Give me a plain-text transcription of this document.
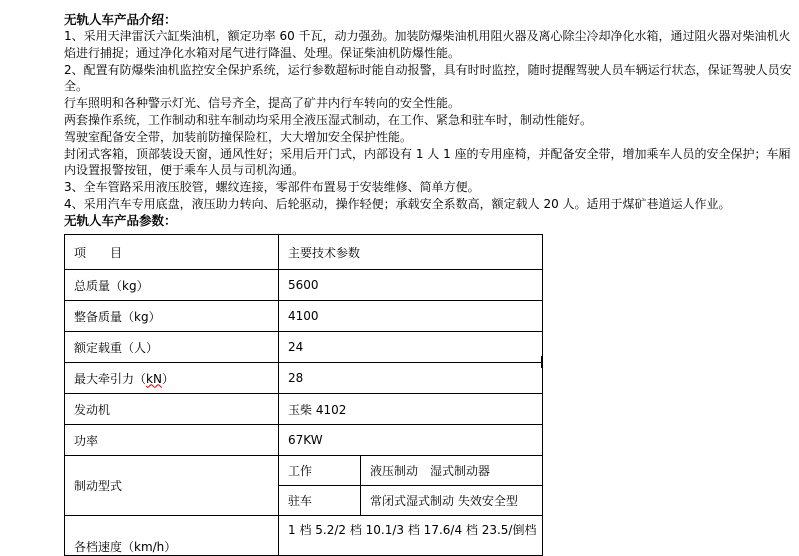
无轨人车产品介绍：
1、采用天津雷沃六缸柴油机，额定功率 60 千瓦，动力强劲。加装防爆柴油机用阻火器及离心除尘冷却净化水箱，通过阻火器对柴油机火焰进行捕捉；通过净化水箱对尾气进行降温、处理。保证柴油机防爆性能。
2、配置有防爆柴油机监控安全保护系统，运行参数超标时能自动报警，具有时时监控，随时提醒驾驶人员车辆运行状态，保证驾驶人员安全。
行车照明和各种警示灯光、信号齐全，提高了矿井内行车转向的安全性能。
两套操作系统，工作制动和驻车制动均采用全液压湿式制动，在工作、紧急和驻车时，制动性能好。
驾驶室配备安全带，加装前防撞保险杠，大大增加安全保护性能。
封闭式客箱，顶部装设天窗，通风性好；采用后开门式，内部设有 1 人 1 座的专用座椅，并配备安全带，增加乘车人员的安全保护；车厢内设置报警按钮，便于乘车人员与司机沟通。
3、全车管路采用液压胶管，螺纹连接，零部件布置易于安装维修、简单方便。
4、采用汽车专用底盘，液压助力转向、后轮驱动，操作轻便；承载安全系数高，额定载人 20 人。适用于煤矿巷道运人作业。
无轨人车产品参数：
项　　目	主要技术参数	
总质量（kg）	5600	
整备质量（kg）	4100	
额定载重（人）	24	
最大牵引力（kN）	28	
发动机	玉柴 4102	
功率	67KW	
制动型式	工作	液压制动　湿式制动器
	驻车	常闭式湿式制动 失效安全型
各档速度（km/h）	1 档 5.2/2 档 10.1/3 档 17.6/4 档 23.5/倒档	
